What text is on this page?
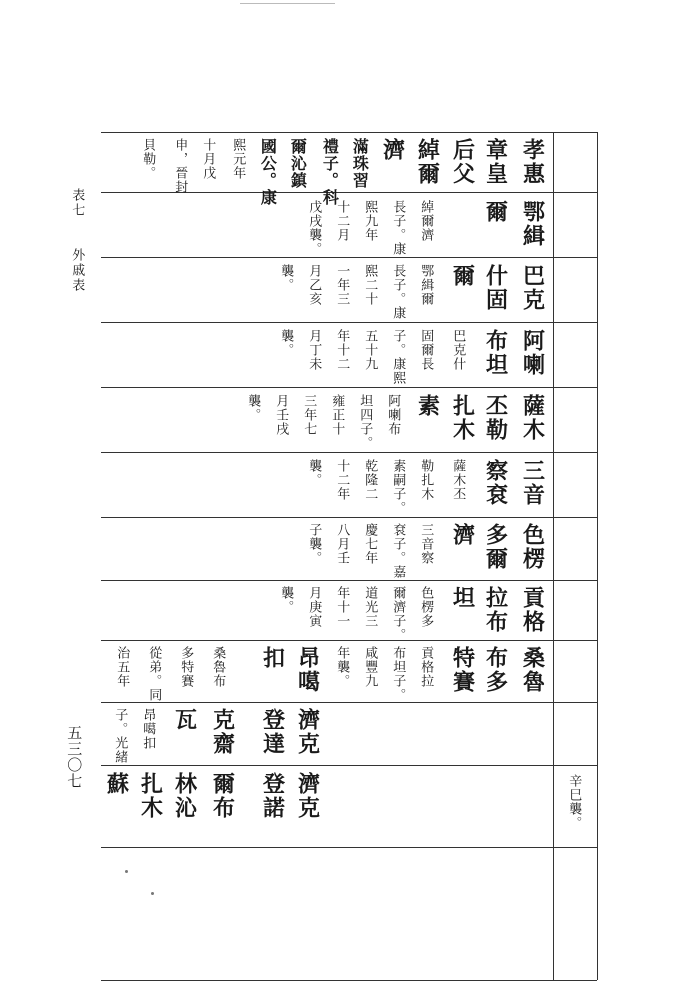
表七
外戚表
五三〇七
孝惠
章皇
后父
綽爾
濟
滿珠習
禮子。科
爾沁鎮
國公。康
熙元年
十月戊
申，晉封
貝勒。
鄂緝
爾
綽爾濟
長子。康
熙九年
十二月
戊戌襲。
巴克
什固
爾
鄂緝爾
長子。康
熙二十
一年三
月乙亥
襲。
阿喇
布坦
巴克什
固爾長
子。康熙
五十九
年十二
月丁未
襲。
薩木
丕勒
扎木
素
阿喇布
坦四子。
雍正十
三年七
月壬戌
襲。
三音
察袞
薩木丕
勒扎木
素嗣子。
乾隆二
十二年
襲。
色楞
多爾
濟
三音察
袞子。嘉
慶七年
八月壬
子襲。
貢格
拉布
坦
色楞多
爾濟子。
道光三
年十一
月庚寅
襲。
桑魯
布多
特賽
貢格拉
布坦子。
咸豐九
年襲。
昂噶
扣
桑魯布
多特賽
從弟。同
治五年
濟克
登達
克齋
瓦
昂噶扣
子。光緒
濟克
登諾
爾布
林沁
扎木
蘇	辛巳襲。
